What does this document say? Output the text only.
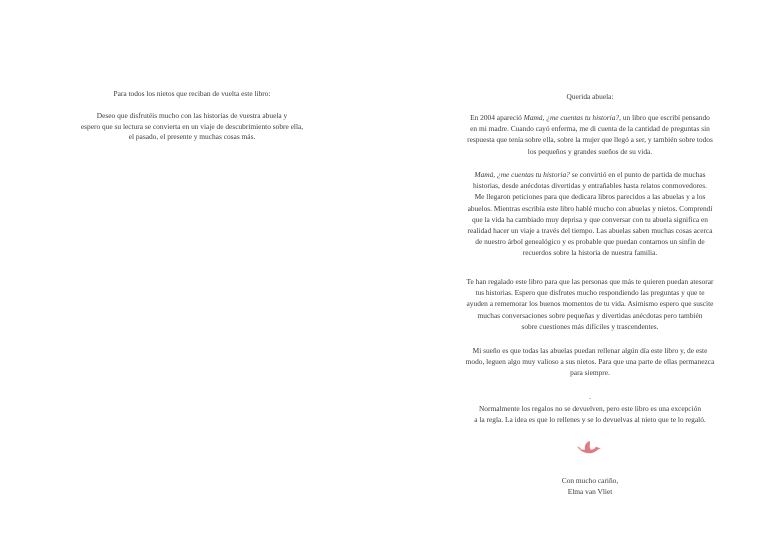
Para todos los nietos que reciban de vuelta este libro:

Deseo que disfrutéis mucho con las historias de vuestra abuela y
espero que su lectura se convierta en un viaje de descubrimiento sobre ella,
el pasado, el presente y muchas cosas más.

Querida abuela:

En 2004 apareció Mamá, ¿me cuentas tu historia?, un libro que escribí pensando
en mi madre. Cuando cayó enferma, me di cuenta de la cantidad de preguntas sin
respuesta que tenía sobre ella, sobre la mujer que llegó a ser, y también sobre todos
los pequeños y grandes sueños de su vida.
Mamá, ¿me cuentas tu historia? se convirtió en el punto de partida de muchas
historias, desde anécdotas divertidas y entrañables hasta relatos conmovedores.
Me llegaron peticiones para que dedicara libros parecidos a las abuelas y a los
abuelos. Mientras escribía este libro hablé mucho con abuelas y nietos. Comprendí
que la vida ha cambiado muy deprisa y que conversar con tu abuela significa en
realidad hacer un viaje a través del tiempo. Las abuelas saben muchas cosas acerca
de nuestro árbol genealógico y es probable que puedan contarnos un sinfín de
recuerdos sobre la historia de nuestra familia.
Te han regalado este libro para que las personas que más te quieren puedan atesorar
tus historias. Espero que disfrutes mucho respondiendo las preguntas y que te
ayuden a rememorar los buenos momentos de tu vida. Asimismo espero que suscite
muchas conversaciones sobre pequeñas y divertidas anécdotas pero también
sobre cuestiones más difíciles y trascendentes.
Mi sueño es que todas las abuelas puedan rellenar algún día este libro y, de este
modo, leguen algo muy valioso a sus nietos. Para que una parte de ellas permanezca
para siempre.

.

Normalmente los regalos no se devuelven, pero este libro es una excepción
a la regla. La idea es que lo rellenes y se lo devuelvas al nieto que te lo regaló.
Con mucho cariño,
Elma van Vliet
